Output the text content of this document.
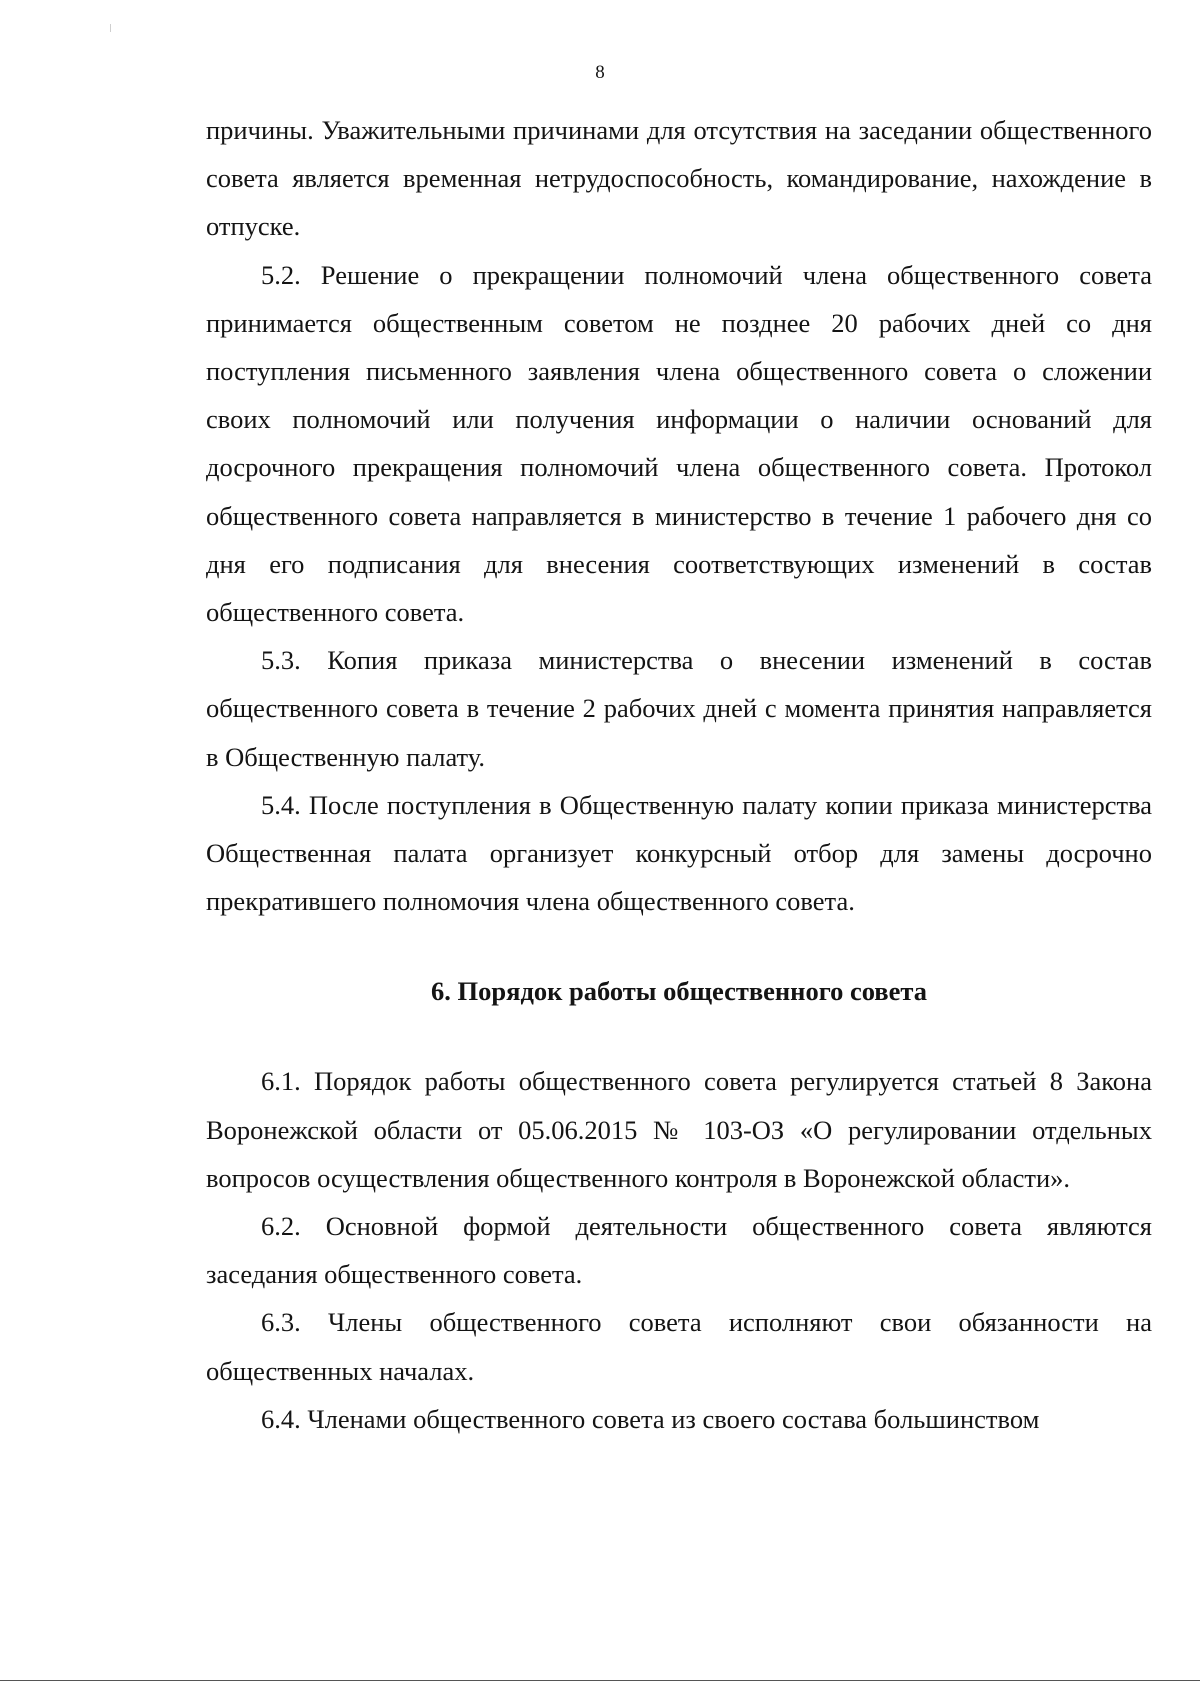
8

причины. Уважительными причинами для отсутствия на заседании общественного совета является временная нетрудоспособность, командирование, нахождение в отпуске.

5.2. Решение о прекращении полномочий члена общественного совета принимается общественным советом не позднее 20 рабочих дней со дня поступления письменного заявления члена общественного совета о сложении своих полномочий или получения информации о наличии оснований для досрочного прекращения полномочий члена общественного совета. Протокол общественного совета направляется в министерство в течение 1 рабочего дня со дня его подписания для внесения соответствующих изменений в состав общественного совета.

5.3. Копия приказа министерства о внесении изменений в состав общественного совета в течение 2 рабочих дней с момента принятия направляется в Общественную палату.

5.4. После поступления в Общественную палату копии приказа министерства Общественная палата организует конкурсный отбор для замены досрочно прекратившего полномочия члена общественного совета.

6. Порядок работы общественного совета

6.1. Порядок работы общественного совета регулируется статьей 8 Закона Воронежской области от 05.06.2015 № 103-ОЗ «О регулировании отдельных вопросов осуществления общественного контроля в Воронежской области».

6.2. Основной формой деятельности общественного совета являются заседания общественного совета.

6.3. Члены общественного совета исполняют свои обязанности на общественных началах.

6.4. Членами общественного совета из своего состава большинством
